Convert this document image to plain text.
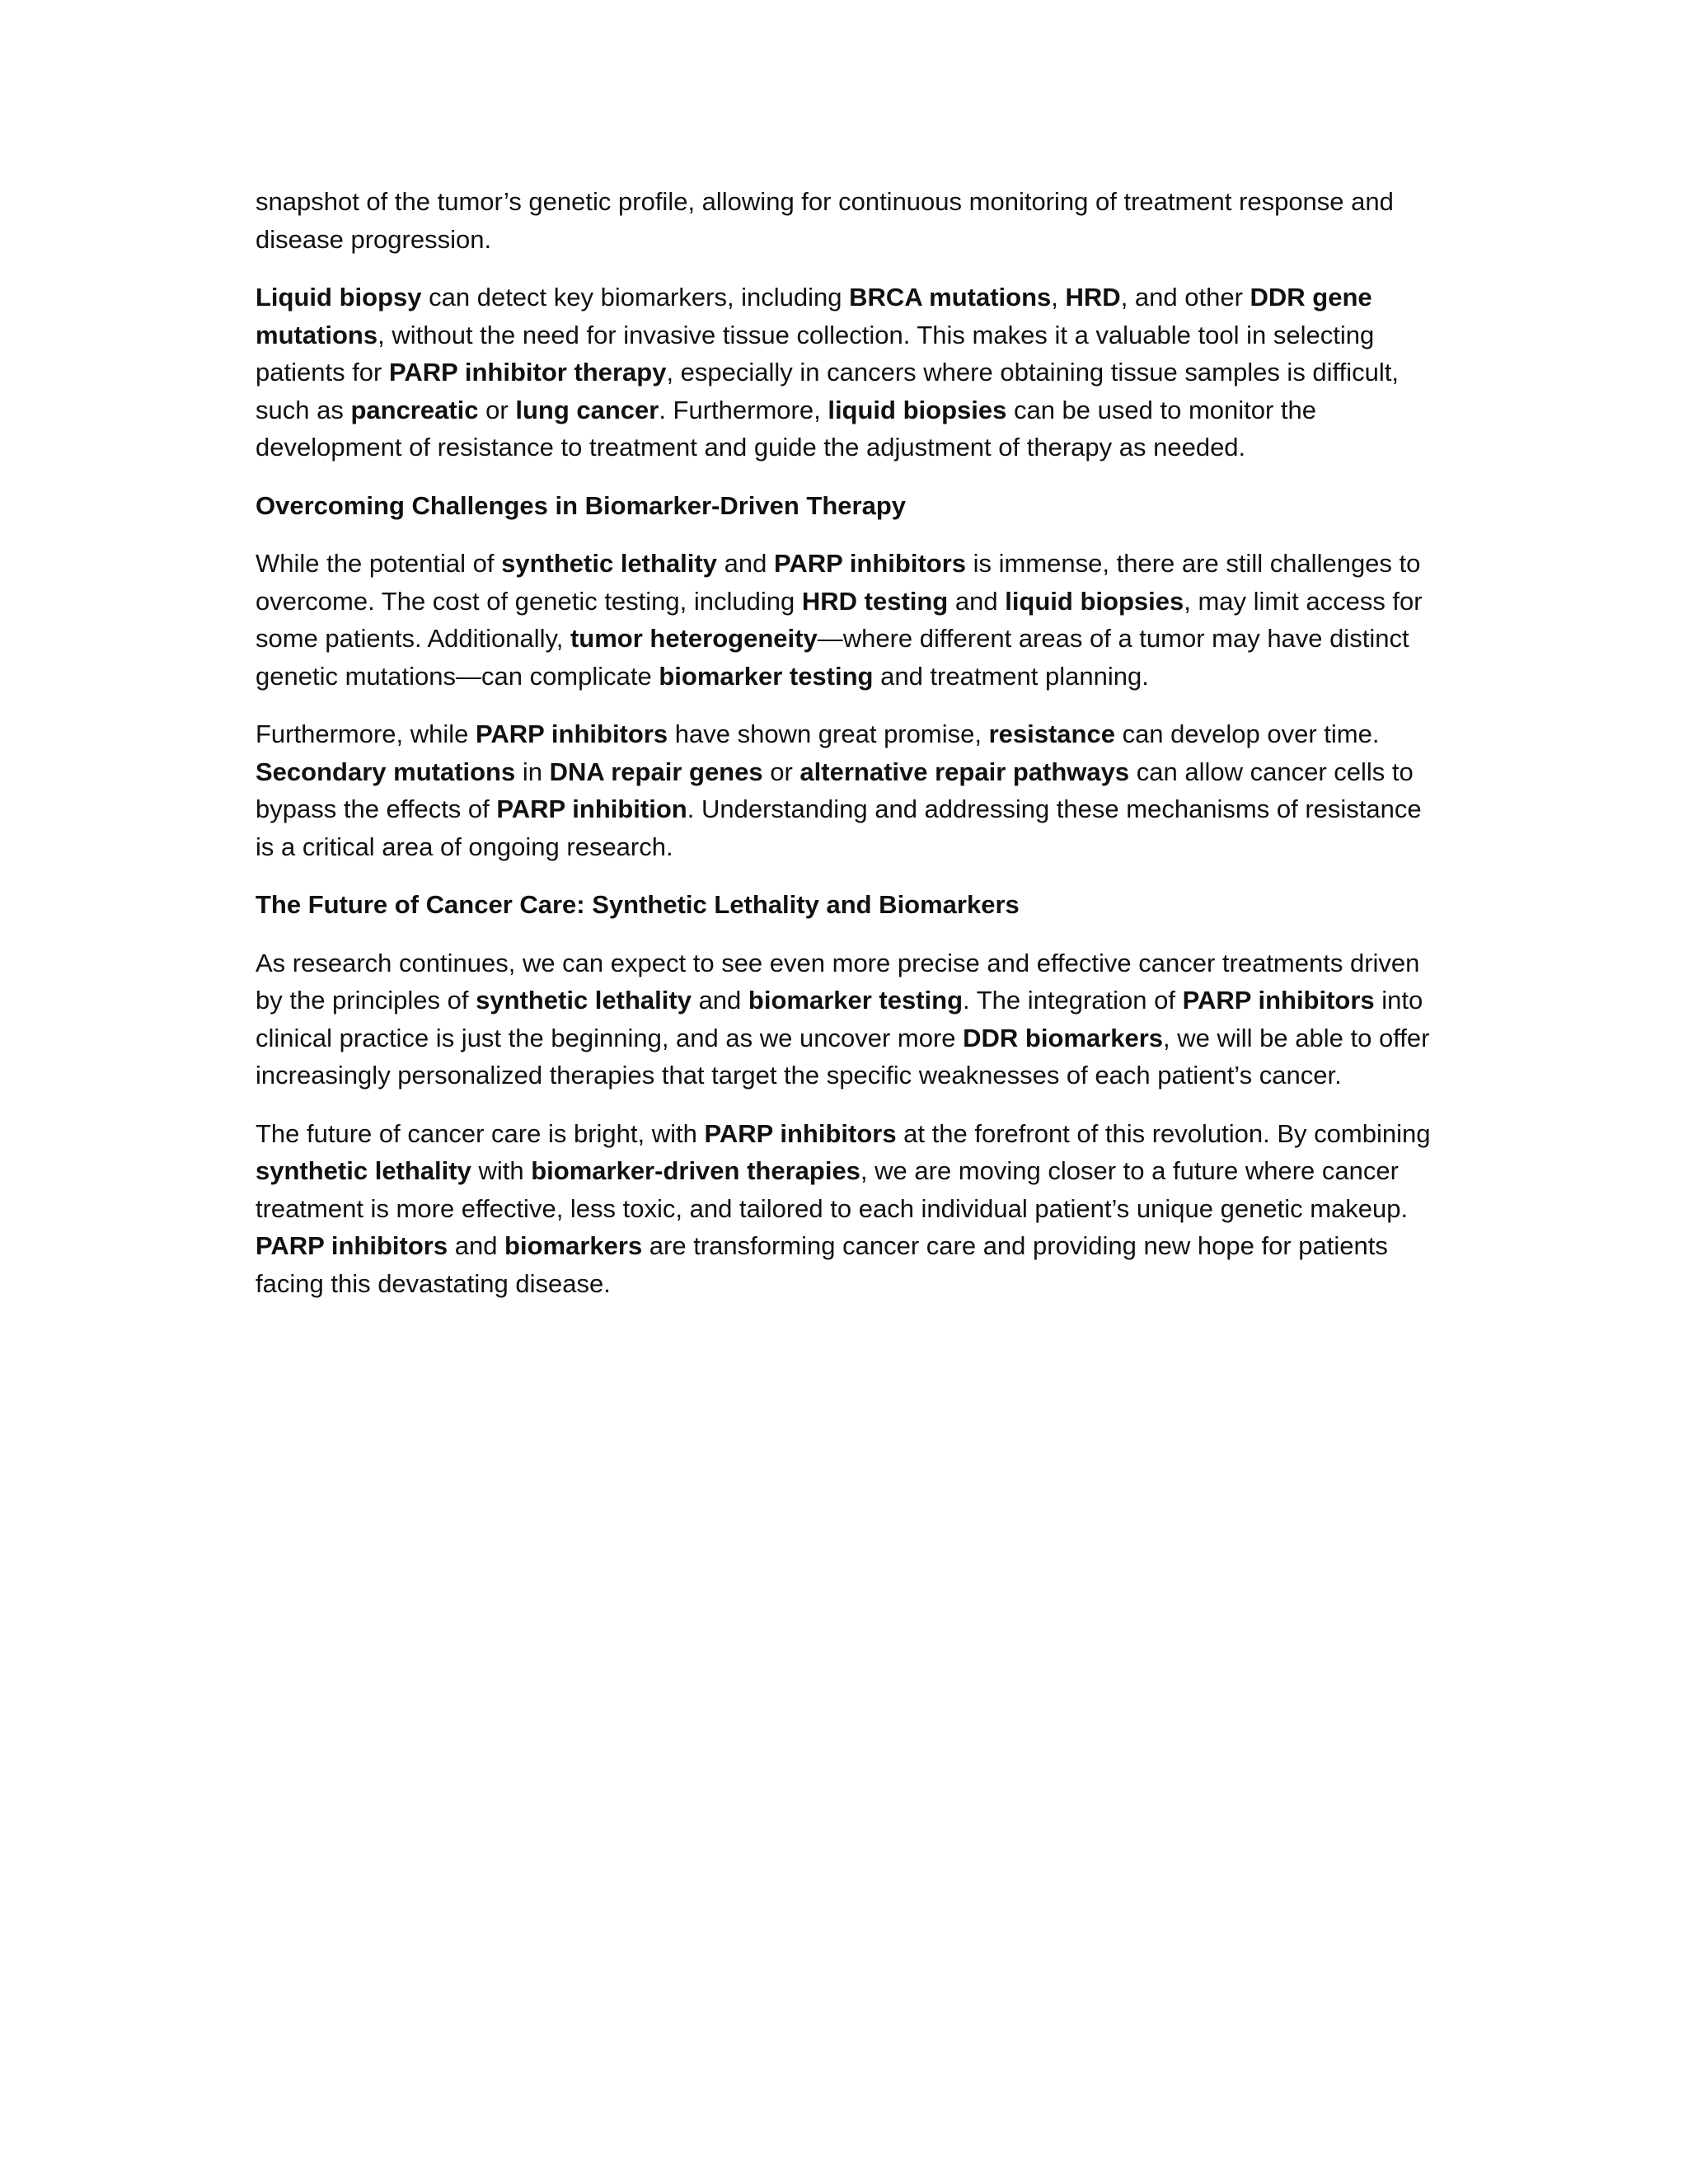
snapshot of the tumor’s genetic profile, allowing for continuous monitoring of treatment response and disease progression.

Liquid biopsy can detect key biomarkers, including BRCA mutations, HRD, and other DDR gene mutations, without the need for invasive tissue collection. This makes it a valuable tool in selecting patients for PARP inhibitor therapy, especially in cancers where obtaining tissue samples is difficult, such as pancreatic or lung cancer. Furthermore, liquid biopsies can be used to monitor the development of resistance to treatment and guide the adjustment of therapy as needed.

Overcoming Challenges in Biomarker-Driven Therapy

While the potential of synthetic lethality and PARP inhibitors is immense, there are still challenges to overcome. The cost of genetic testing, including HRD testing and liquid biopsies, may limit access for some patients. Additionally, tumor heterogeneity—where different areas of a tumor may have distinct genetic mutations—can complicate biomarker testing and treatment planning.

Furthermore, while PARP inhibitors have shown great promise, resistance can develop over time. Secondary mutations in DNA repair genes or alternative repair pathways can allow cancer cells to bypass the effects of PARP inhibition. Understanding and addressing these mechanisms of resistance is a critical area of ongoing research.

The Future of Cancer Care: Synthetic Lethality and Biomarkers

As research continues, we can expect to see even more precise and effective cancer treatments driven by the principles of synthetic lethality and biomarker testing. The integration of PARP inhibitors into clinical practice is just the beginning, and as we uncover more DDR biomarkers, we will be able to offer increasingly personalized therapies that target the specific weaknesses of each patient’s cancer.

The future of cancer care is bright, with PARP inhibitors at the forefront of this revolution. By combining synthetic lethality with biomarker-driven therapies, we are moving closer to a future where cancer treatment is more effective, less toxic, and tailored to each individual patient’s unique genetic makeup. PARP inhibitors and biomarkers are transforming cancer care and providing new hope for patients facing this devastating disease.
